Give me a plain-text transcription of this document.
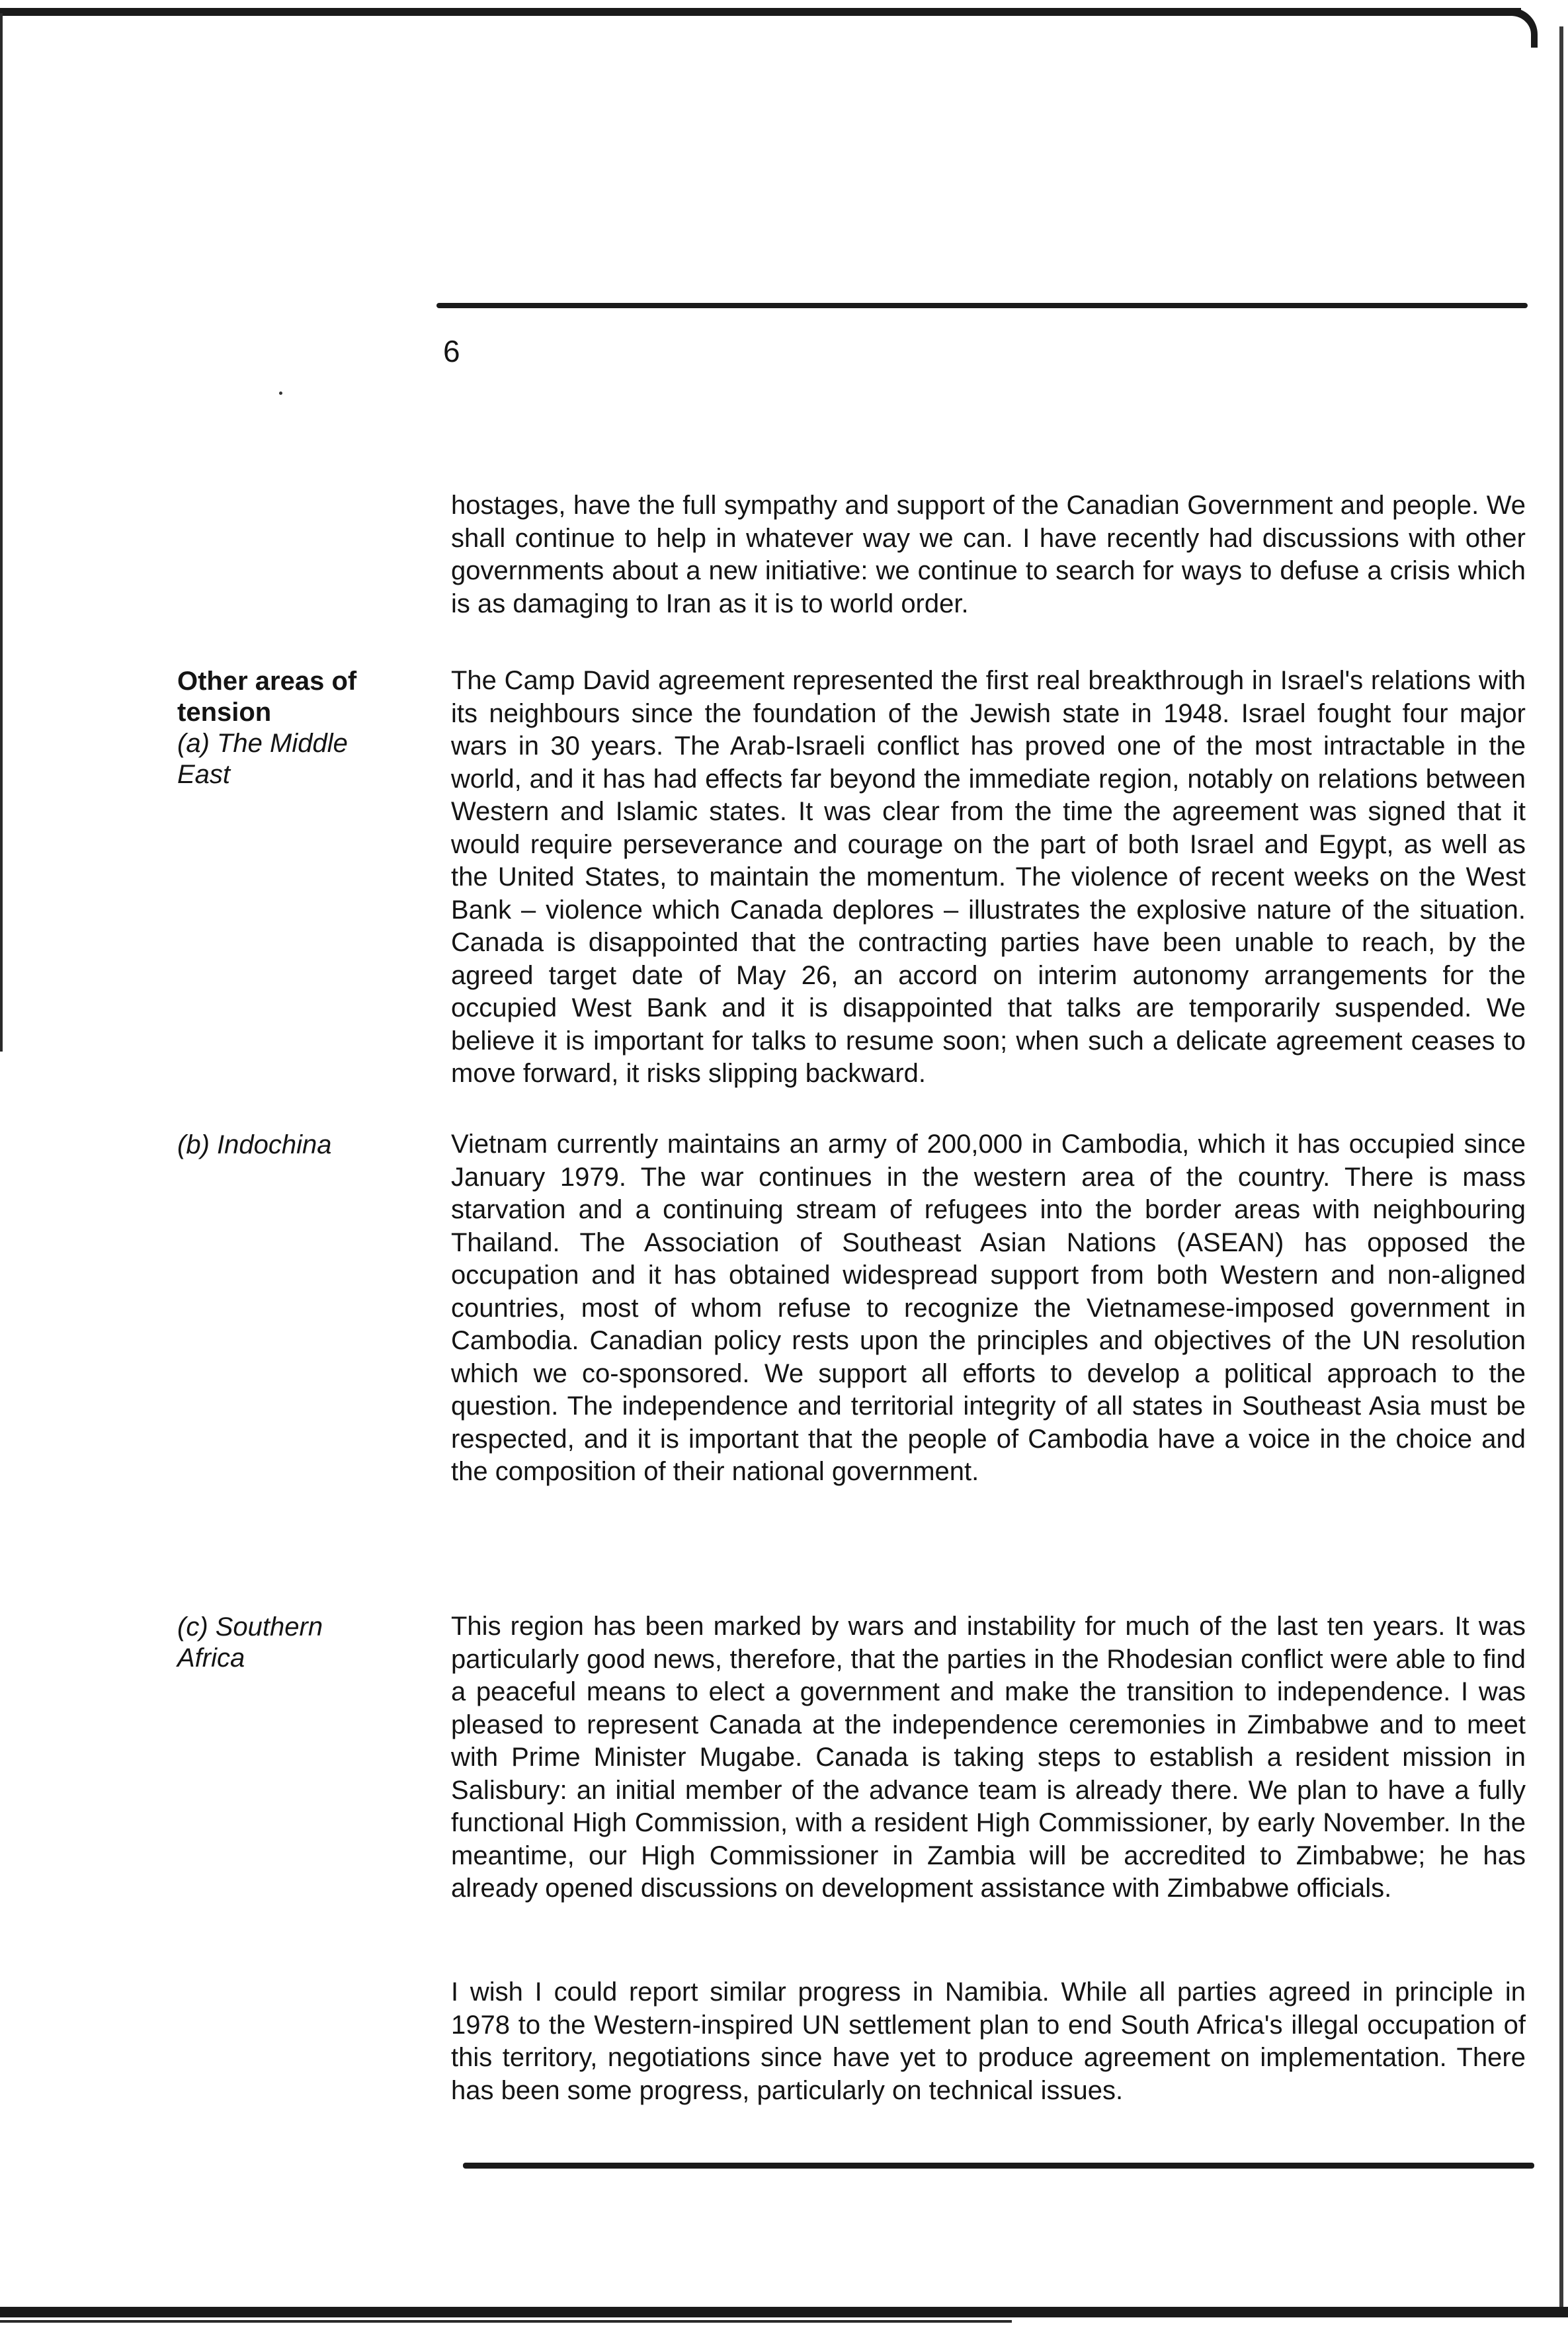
6

hostages, have the full sympathy and support of the Canadian Government and people. We shall continue to help in whatever way we can. I have recently had discussions with other governments about a new initiative: we continue to search for ways to defuse a crisis which is as damaging to Iran as it is to world order.

Other areas of
tension
(a) The Middle
East

The Camp David agreement represented the first real breakthrough in Israel's relations with its neighbours since the foundation of the Jewish state in 1948. Israel fought four major wars in 30 years. The Arab-Israeli conflict has proved one of the most intractable in the world, and it has had effects far beyond the immediate region, notably on relations between Western and Islamic states. It was clear from the time the agreement was signed that it would require perseverance and courage on the part of both Israel and Egypt, as well as the United States, to maintain the momentum. The violence of recent weeks on the West Bank – violence which Canada deplores – illustrates the explosive nature of the situation. Canada is disappointed that the contracting parties have been unable to reach, by the agreed target date of May 26, an accord on interim autonomy arrangements for the occupied West Bank and it is disappointed that talks are temporarily suspended. We believe it is important for talks to resume soon; when such a delicate agreement ceases to move forward, it risks slipping backward.

(b) Indochina	Vietnam currently maintains an army of 200,000 in Cambodia, which it has occupied since January 1979. The war continues in the western area of the country. There is mass starvation and a continuing stream of refugees into the border areas with neighbouring Thailand. The Association of Southeast Asian Nations (ASEAN) has opposed the occupation and it has obtained widespread support from both Western and non-aligned countries, most of whom refuse to recognize the Vietnamese-imposed government in Cambodia. Canadian policy rests upon the principles and objectives of the UN resolution which we co-sponsored. We support all efforts to develop a political approach to the question. The independence and territorial integrity of all states in Southeast Asia must be respected, and it is important that the people of Cambodia have a voice in the choice and the composition of their national government.

(c) Southern
Africa

This region has been marked by wars and instability for much of the last ten years. It was particularly good news, therefore, that the parties in the Rhodesian conflict were able to find a peaceful means to elect a government and make the transition to independence. I was pleased to represent Canada at the independence ceremonies in Zimbabwe and to meet with Prime Minister Mugabe. Canada is taking steps to establish a resident mission in Salisbury: an initial member of the advance team is already there. We plan to have a fully functional High Commission, with a resident High Commissioner, by early November. In the meantime, our High Commissioner in Zambia will be accredited to Zimbabwe; he has already opened discussions on development assistance with Zimbabwe officials.

I wish I could report similar progress in Namibia. While all parties agreed in principle in 1978 to the Western-inspired UN settlement plan to end South Africa's illegal occupation of this territory, negotiations since have yet to produce agreement on implementation. There has been some progress, particularly on technical issues.
